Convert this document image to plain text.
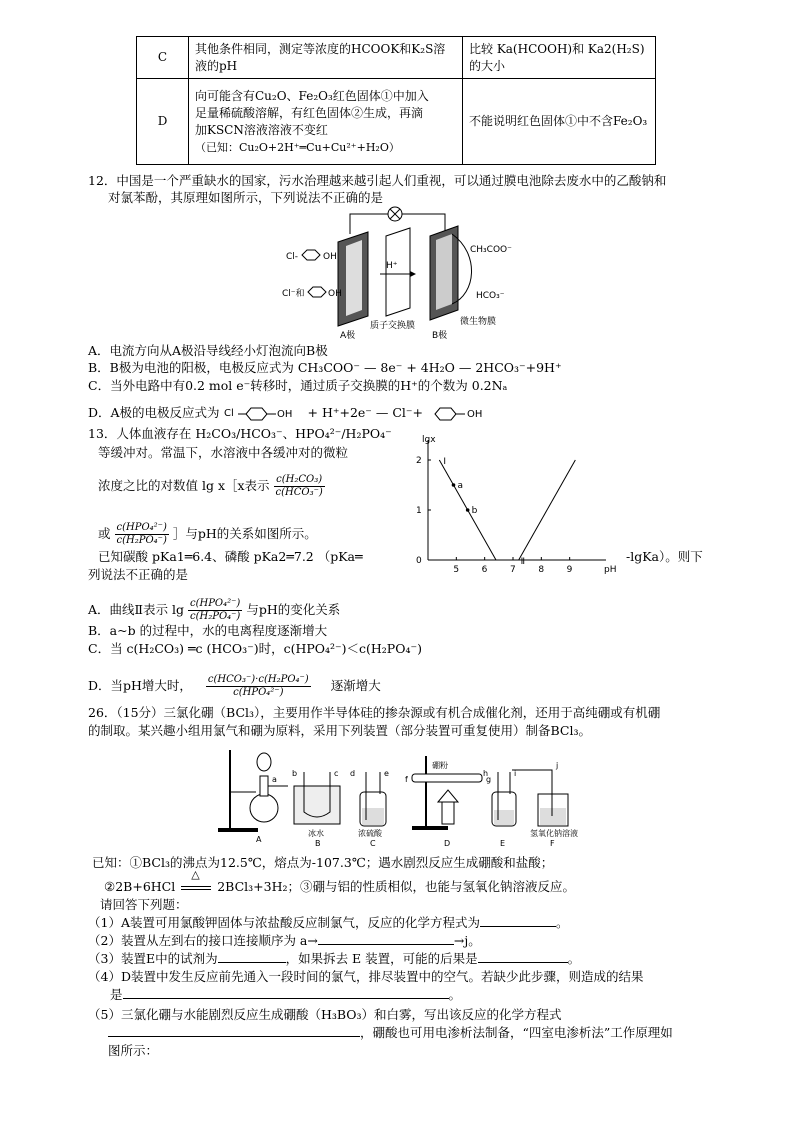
C	其他条件相同，测定等浓度的HCOOK和K₂S溶液的pH	比较 Ka(HCOOH)和 Ka2(H₂S)的大小
D	向可能含有Cu₂O、Fe₂O₃红色固体①中加入
足量稀硫酸溶解，有红色固体②生成，再滴
加KSCN溶液溶液不变红
（已知：Cu₂O+2H⁺═Cu+Cu²⁺+H₂O）	不能说明红色固体①中不含Fe₂O₃
12．中国是一个严重缺水的国家，污水治理越来越引起人们重视，可以通过膜电池除去废水中的乙酸钠和
对氯苯酚，其原理如图所示，下列说法不正确的是
H⁺
Cl-	OH
Cl⁻和	OH
CH₃COO⁻
HCO₃⁻
A极
质子交换膜
B极
微生物膜
A．电流方向从A极沿导线经小灯泡流向B极
B．B极为电池的阳极，电极反应式为 CH₃COO⁻ — 8e⁻ + 4H₂O — 2HCO₃⁻+9H⁺
C．当外电路中有0.2 mol e⁻转移时，通过质子交换膜的H⁺的个数为 0.2Nₐ
D．A极的电极反应式为 Cl	OH + H⁺+2e⁻ — Cl⁻+	OH
13．人体血液存在 H₂CO₃/HCO₃⁻、HPO₄²⁻/H₂PO₄⁻
等缓冲对。常温下，水溶液中各缓冲对的微粒
浓度之比的对数值 lg x［x表示 $\frac{\text{c(H₂CO₃)}}{\text{c(HCO₃⁻)}}$
或 $\frac{\text{c(HPO₄²⁻)}}{\text{c(H₂PO₄⁻)}}$ ］与pH的关系如图所示。
已知碳酸 pKa1═6.4、磷酸 pKa2═7.2 （pKa═	-lgKa）。则下
列说法不正确的是	pH
lgx
5	6	7	8	9
0
1
2 Ⅰ
Ⅱ
a
b
A．曲线Ⅱ表示 $\lg \frac{\text{c(HPO₄²⁻)}}{\text{c(H₂PO₄⁻)}}$ 与pH的变化关系
B．a~b 的过程中，水的电离程度逐渐增大
C．当 c(H₂CO₃) ═c (HCO₃⁻)时，c(HPO₄²⁻)＜c(H₂PO₄⁻)
D．当pH增大时， $\frac{\text{c(HCO₃⁻)·c(H₂PO₄⁻)}}{\text{c(HPO₄²⁻)}}$ 逐渐增大
26．（15分）三氯化硼（BCl₃），主要用作半导体硅的掺杂源或有机合成催化剂，还用于高纯硼或有机硼
的制取。某兴趣小组用氯气和硼为原料，采用下列装置（部分装置可重复使用）制备BCl₃。
a
A
b	c
冰水
B
d	e
浓硫酸
C
硼粉
f	g
D
h	i
E
j
氢氧化钠溶液
F
已知：①BCl₃的沸点为12.5℃，熔点为-107.3℃；遇水剧烈反应生成硼酸和盐酸；
②2B+6HCl
△
2BCl₃+3H₂；③硼与铝的性质相似，也能与氢氧化钠溶液反应。
请回答下列题：
（1）A装置可用氯酸钾固体与浓盐酸反应制氯气，反应的化学方程式为	。
（2）装置从左到右的接口连接顺序为 a→	→j。
（3）装置E中的试剂为	，如果拆去 E 装置，可能的后果是	。
（4）D装置中发生反应前先通入一段时间的氯气，排尽装置中的空气。若缺少此步骤，则造成的结果
是	。
（5）三氯化硼与水能剧烈反应生成硼酸（H₃BO₃）和白雾，写出该反应的化学方程式
，硼酸也可用电渗析法制备，“四室电渗析法”工作原理如
图所示：
